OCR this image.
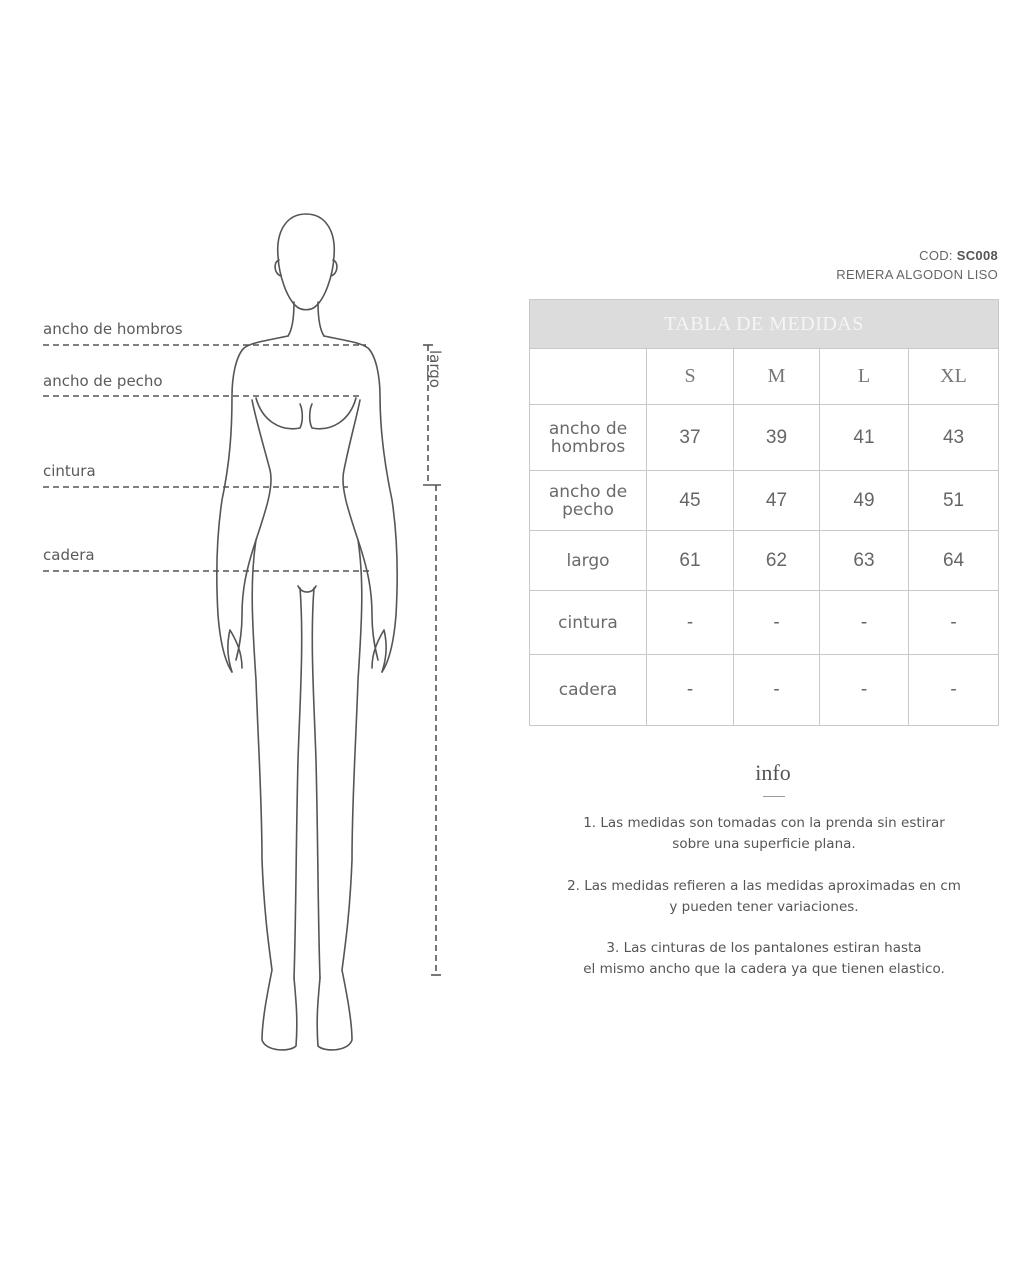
ancho de hombros
ancho de pecho
cintura
cadera
largo
COD: SC008
REMERA ALGODON LISO
TABLA DE MEDIDAS				
	S	M	L	XL
ancho de hombros	37	39	41	43
ancho de pecho	45	47	49	51
largo	61	62	63	64
cintura	-	-	-	-
cadera	-	-	-	-
info
1. Las medidas son tomadas con la prenda sin estirar
sobre una superficie plana.
2. Las medidas refieren a las medidas aproximadas en cm
y pueden tener variaciones.
3. Las cinturas de los pantalones estiran hasta
el mismo ancho que la cadera ya que tienen elastico.
